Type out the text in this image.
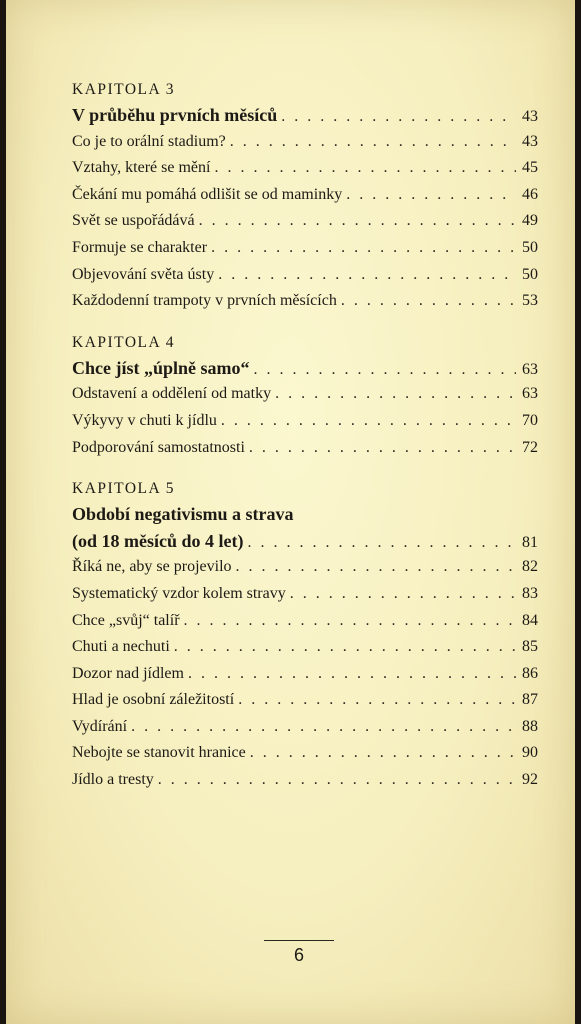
KAPITOLA 3
V průběhu prvních měsíců . . .	43
Co je to orální stadium? . . .	43
Vztahy, které se mění . . .	45
Čekání mu pomáhá odlišit se od maminky . . .	46
Svět se uspořádává . . .	49
Formuje se charakter . . .	50
Objevování světa ústy . . .	50
Každodenní trampoty v prvních měsících . . .	53
KAPITOLA 4
Chce jíst „úplně samo“ . . .	63
Odstavení a oddělení od matky . . .	63
Výkyvy v chuti k jídlu . . .	70
Podporování samostatnosti . . .	72
KAPITOLA 5
Období negativismu a strava
(od 18 měsíců do 4 let) . . .	81
Říká ne, aby se projevilo . . .	82
Systematický vzdor kolem stravy . . .	83
Chce „svůj“ talíř . . .	84
Chuti a nechuti . . .	85
Dozor nad jídlem . . .	86
Hlad je osobní záležitostí . . .	87
Vydírání . . .	88
Nebojte se stanovit hranice . . .	90
Jídlo a tresty . . .	92
6
